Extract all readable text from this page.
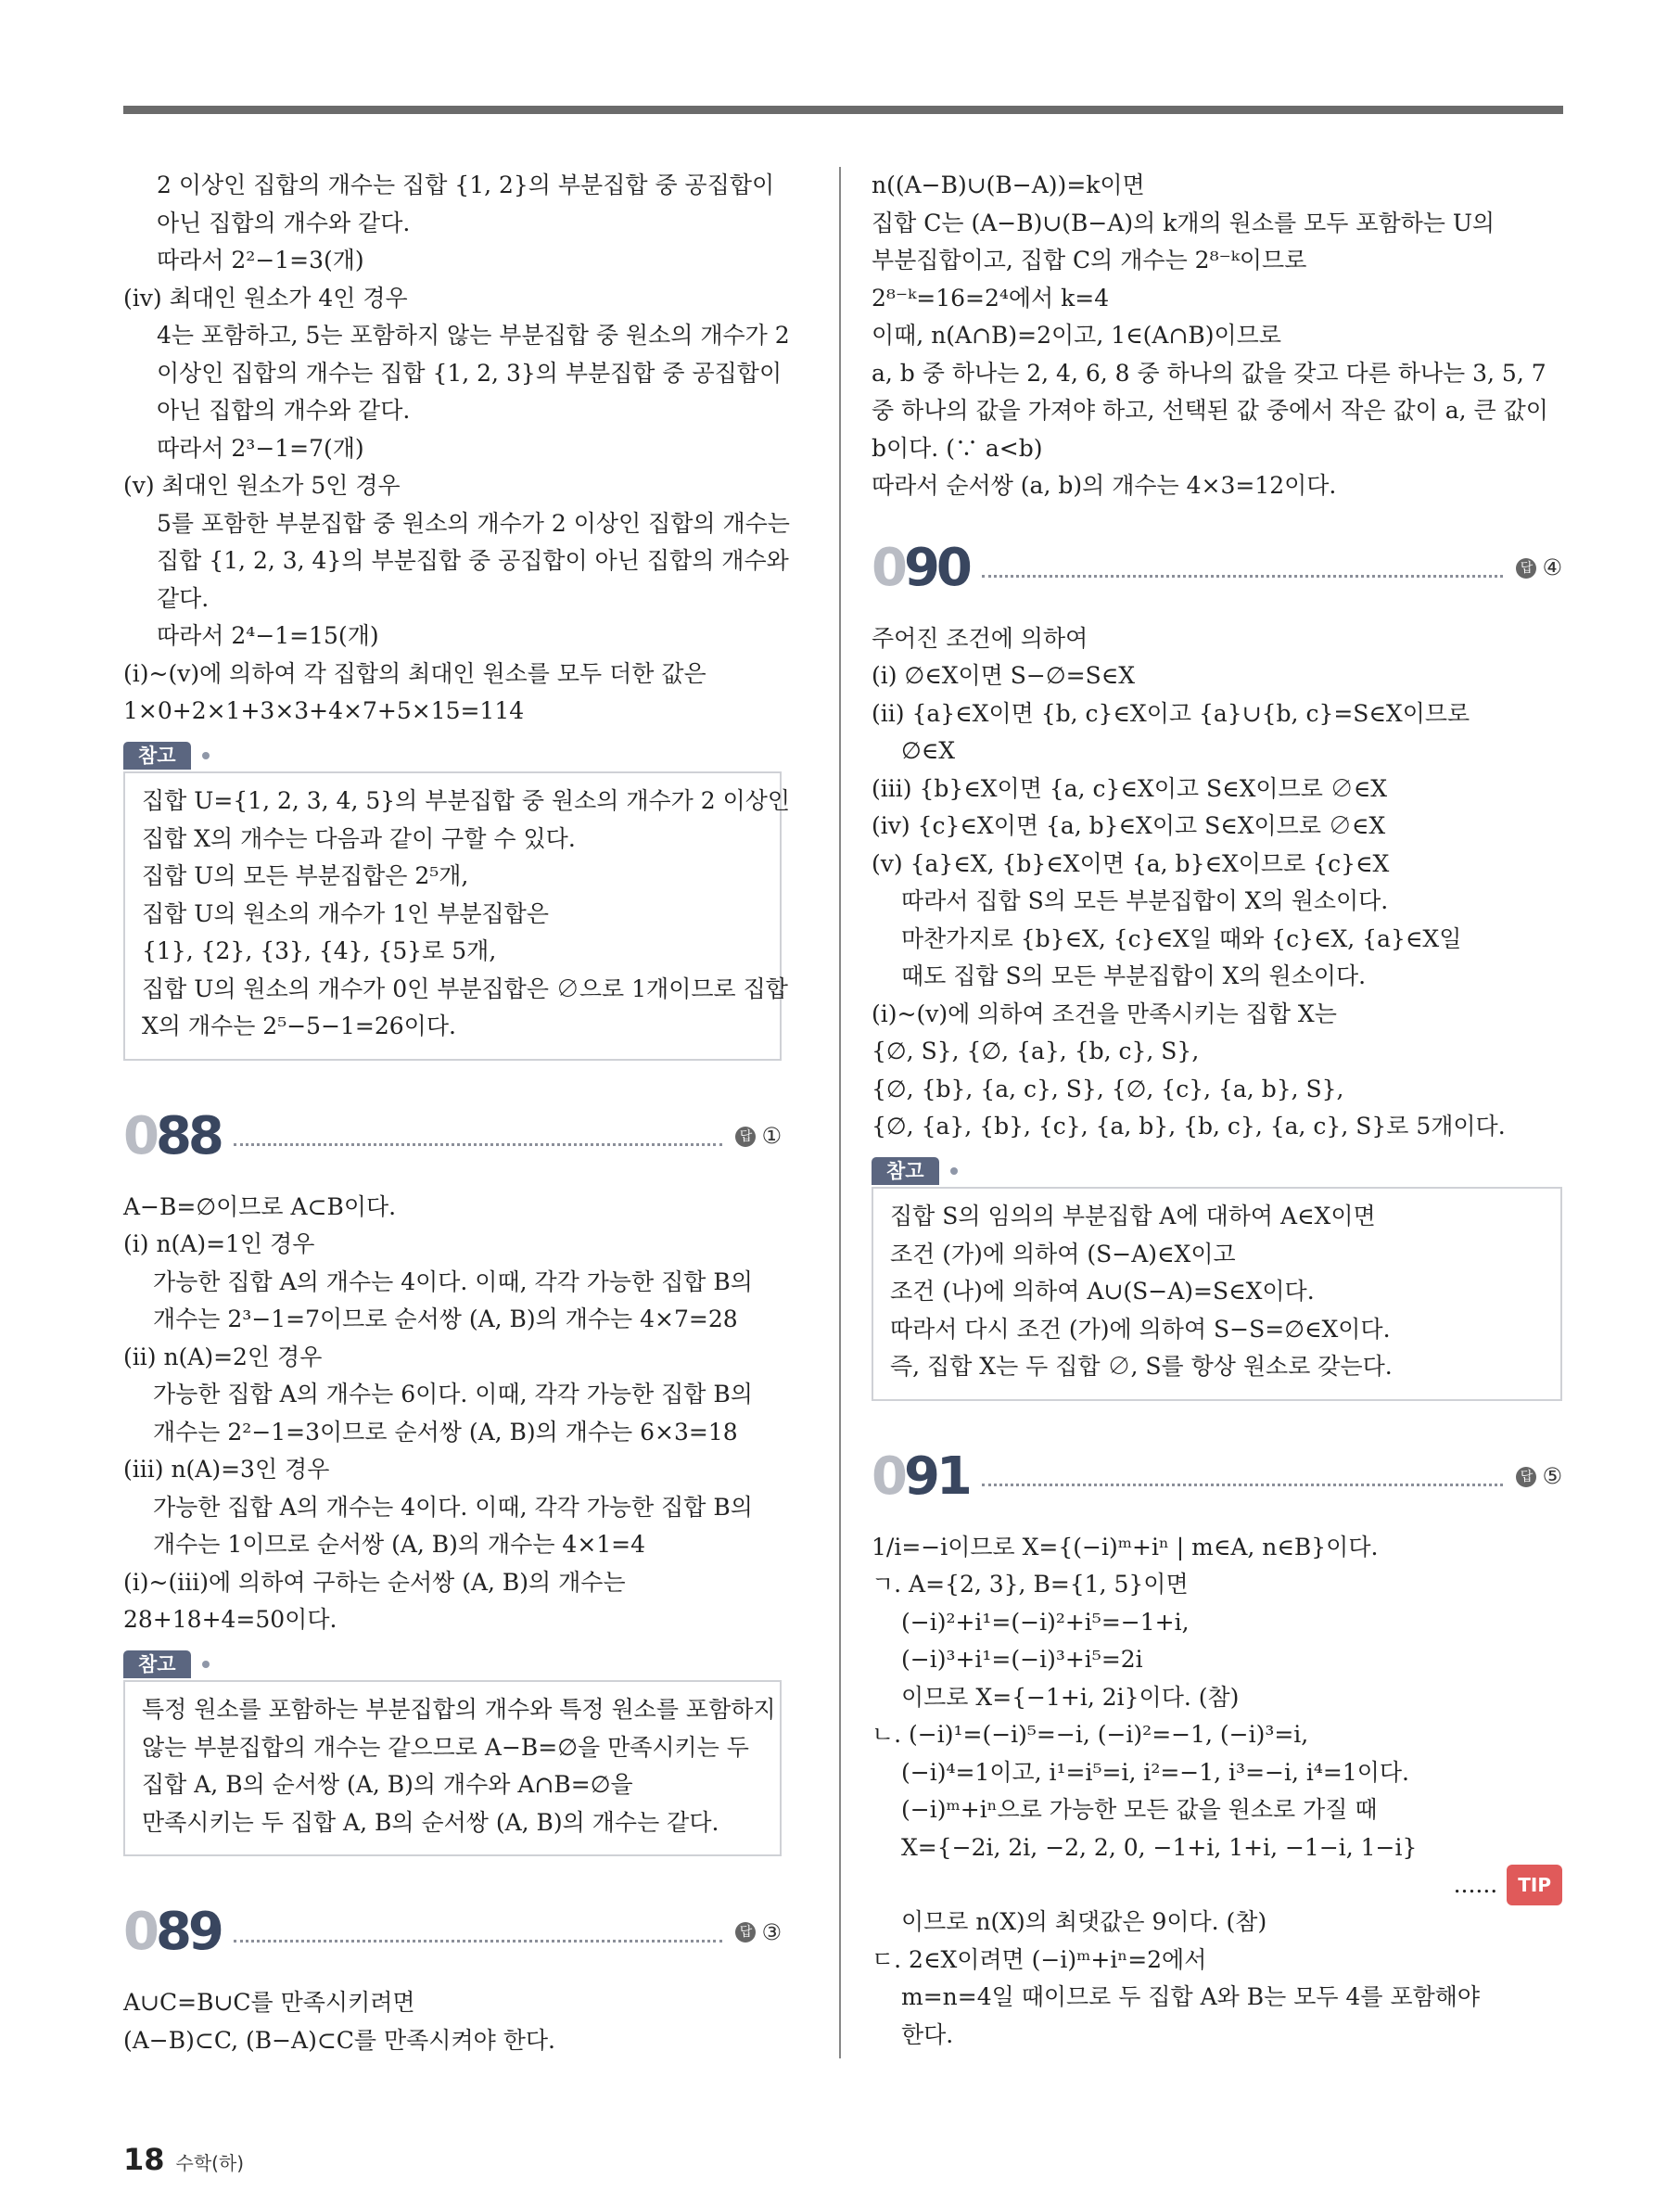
2 이상인 집합의 개수는 집합 {1, 2}의 부분집합 중 공집합이

아닌 집합의 개수와 같다.

따라서 2²−1=3(개)

(iv) 최대인 원소가 4인 경우

4는 포함하고, 5는 포함하지 않는 부분집합 중 원소의 개수가 2

이상인 집합의 개수는 집합 {1, 2, 3}의 부분집합 중 공집합이

아닌 집합의 개수와 같다.

따라서 2³−1=7(개)

(v) 최대인 원소가 5인 경우

5를 포함한 부분집합 중 원소의 개수가 2 이상인 집합의 개수는

집합 {1, 2, 3, 4}의 부분집합 중 공집합이 아닌 집합의 개수와

같다.

따라서 2⁴−1=15(개)

(i)~(v)에 의하여 각 집합의 최대인 원소를 모두 더한 값은

1×0+2×1+3×3+4×7+5×15=114

참고

집합 U={1, 2, 3, 4, 5}의 부분집합 중 원소의 개수가 2 이상인

집합 X의 개수는 다음과 같이 구할 수 있다.

집합 U의 모든 부분집합은 2⁵개,

집합 U의 원소의 개수가 1인 부분집합은

{1}, {2}, {3}, {4}, {5}로 5개,

집합 U의 원소의 개수가 0인 부분집합은 ∅으로 1개이므로 집합

X의 개수는 2⁵−5−1=26이다.

088	답 ①

A−B=∅이므로 A⊂B이다.

(i) n(A)=1인 경우

가능한 집합 A의 개수는 4이다. 이때, 각각 가능한 집합 B의

개수는 2³−1=7이므로 순서쌍 (A, B)의 개수는 4×7=28

(ii) n(A)=2인 경우

가능한 집합 A의 개수는 6이다. 이때, 각각 가능한 집합 B의

개수는 2²−1=3이므로 순서쌍 (A, B)의 개수는 6×3=18

(iii) n(A)=3인 경우

가능한 집합 A의 개수는 4이다. 이때, 각각 가능한 집합 B의

개수는 1이므로 순서쌍 (A, B)의 개수는 4×1=4

(i)~(iii)에 의하여 구하는 순서쌍 (A, B)의 개수는

28+18+4=50이다.

참고

특정 원소를 포함하는 부분집합의 개수와 특정 원소를 포함하지

않는 부분집합의 개수는 같으므로 A−B=∅을 만족시키는 두

집합 A, B의 순서쌍 (A, B)의 개수와 A∩B=∅을

만족시키는 두 집합 A, B의 순서쌍 (A, B)의 개수는 같다.

089	답 ③

A∪C=B∪C를 만족시키려면

(A−B)⊂C, (B−A)⊂C를 만족시켜야 한다.

n((A−B)∪(B−A))=k이면

집합 C는 (A−B)∪(B−A)의 k개의 원소를 모두 포함하는 U의

부분집합이고, 집합 C의 개수는 2⁸⁻ᵏ이므로

2⁸⁻ᵏ=16=2⁴에서 k=4

이때, n(A∩B)=2이고, 1∈(A∩B)이므로

a, b 중 하나는 2, 4, 6, 8 중 하나의 값을 갖고 다른 하나는 3, 5, 7

중 하나의 값을 가져야 하고, 선택된 값 중에서 작은 값이 a, 큰 값이

b이다. (∵ a<b)

따라서 순서쌍 (a, b)의 개수는 4×3=12이다.

090	답 ④

주어진 조건에 의하여

(i) ∅∈X이면 S−∅=S∈X

(ii) {a}∈X이면 {b, c}∈X이고 {a}∪{b, c}=S∈X이므로

∅∈X

(iii) {b}∈X이면 {a, c}∈X이고 S∈X이므로 ∅∈X

(iv) {c}∈X이면 {a, b}∈X이고 S∈X이므로 ∅∈X

(v) {a}∈X, {b}∈X이면 {a, b}∈X이므로 {c}∈X

따라서 집합 S의 모든 부분집합이 X의 원소이다.

마찬가지로 {b}∈X, {c}∈X일 때와 {c}∈X, {a}∈X일

때도 집합 S의 모든 부분집합이 X의 원소이다.

(i)~(v)에 의하여 조건을 만족시키는 집합 X는

{∅, S}, {∅, {a}, {b, c}, S},

{∅, {b}, {a, c}, S}, {∅, {c}, {a, b}, S},

{∅, {a}, {b}, {c}, {a, b}, {b, c}, {a, c}, S}로 5개이다.

참고

집합 S의 임의의 부분집합 A에 대하여 A∈X이면

조건 (가)에 의하여 (S−A)∈X이고

조건 (나)에 의하여 A∪(S−A)=S∈X이다.

따라서 다시 조건 (가)에 의하여 S−S=∅∈X이다.

즉, 집합 X는 두 집합 ∅, S를 항상 원소로 갖는다.

091	답 ⑤

1/i=−i이므로 X={(−i)ᵐ+iⁿ | m∈A, n∈B}이다.

ㄱ. A={2, 3}, B={1, 5}이면

(−i)²+i¹=(−i)²+i⁵=−1+i,

(−i)³+i¹=(−i)³+i⁵=2i

이므로 X={−1+i, 2i}이다. (참)

ㄴ. (−i)¹=(−i)⁵=−i, (−i)²=−1, (−i)³=i,

(−i)⁴=1이고, i¹=i⁵=i, i²=−1, i³=−i, i⁴=1이다.

(−i)ᵐ+iⁿ으로 가능한 모든 값을 원소로 가질 때

X={−2i, 2i, −2, 2, 0, −1+i, 1+i, −1−i, 1−i}

......	TIP

이므로 n(X)의 최댓값은 9이다. (참)

ㄷ. 2∈X이려면 (−i)ᵐ+iⁿ=2에서

m=n=4일 때이므로 두 집합 A와 B는 모두 4를 포함해야

한다.

18 수학(하)
